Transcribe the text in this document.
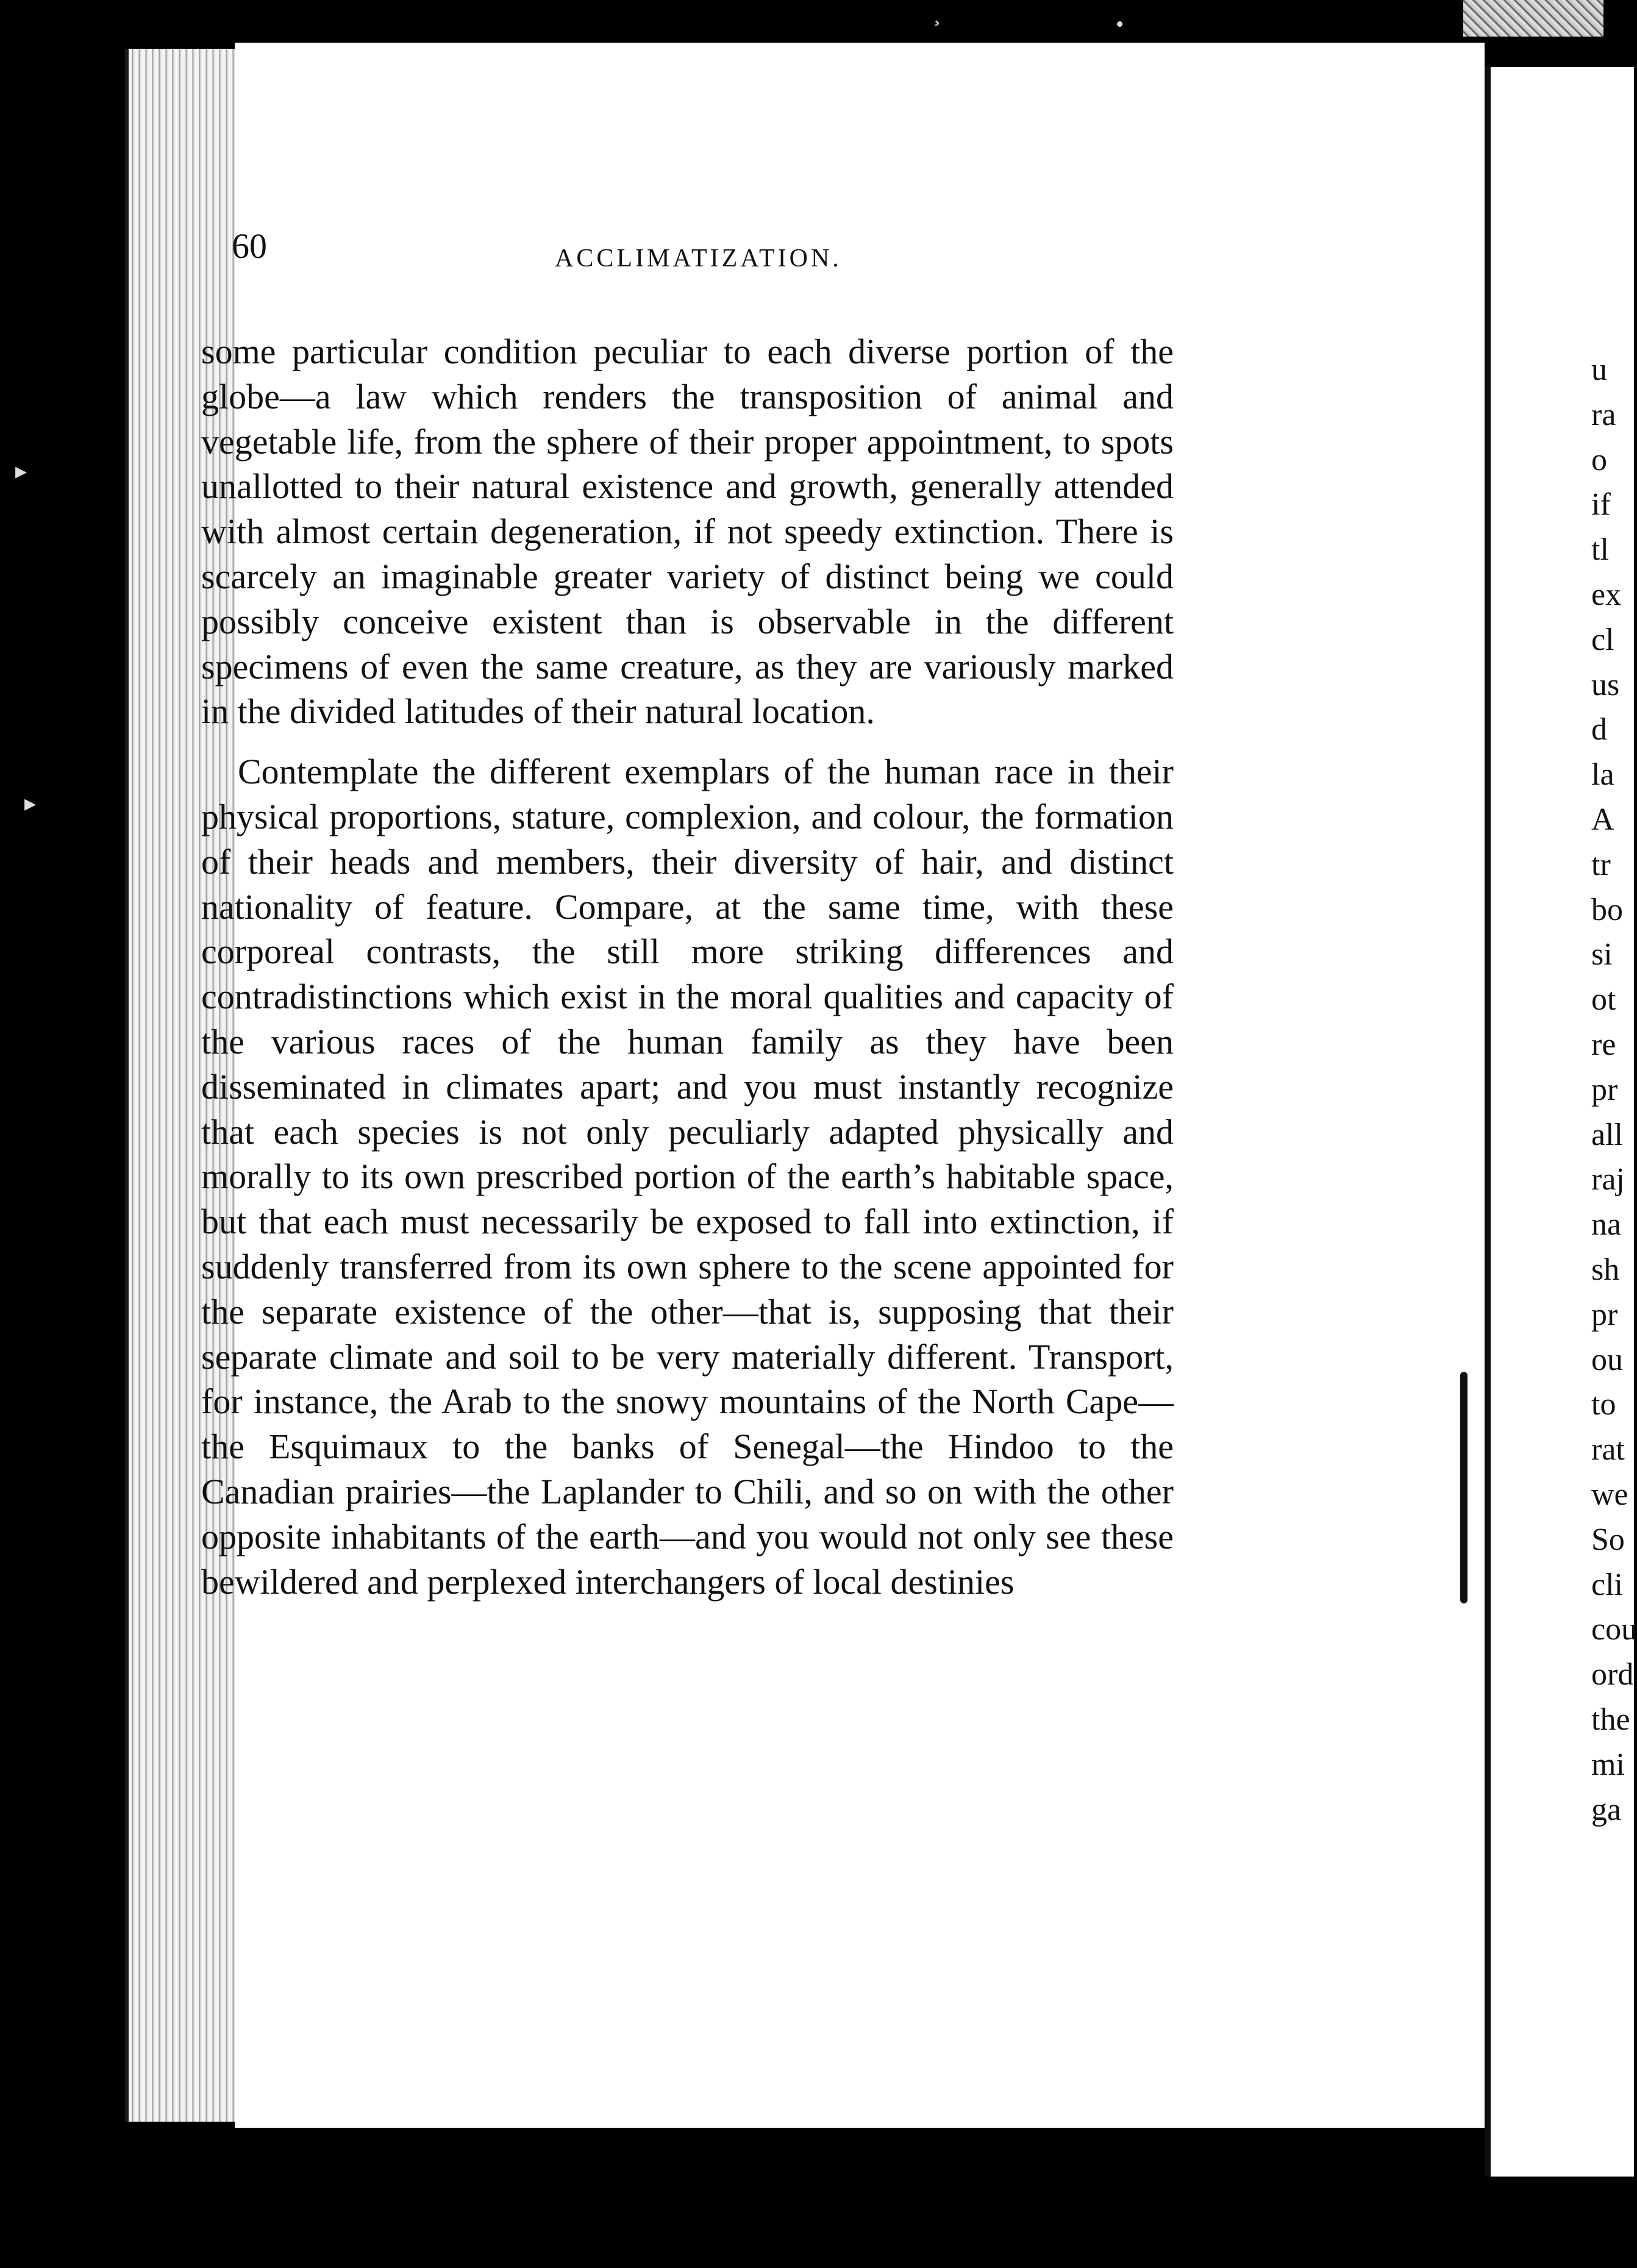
¸	•
▸
▸
60	ACCLIMATIZATION.

some particular condition peculiar to each diverse portion of the globe—a law which renders the transposition of animal and vegetable life, from the sphere of their proper appointment, to spots unallotted to their natural existence and growth, generally attended with almost certain degeneration, if not speedy extinction. There is scarcely an imaginable greater variety of distinct being we could possibly conceive existent than is observable in the different specimens of even the same creature, as they are variously marked in the divided latitudes of their natural location.

Contemplate the different exemplars of the human race in their physical proportions, stature, complexion, and colour, the formation of their heads and members, their diversity of hair, and distinct nationality of feature. Compare, at the same time, with these corporeal contrasts, the still more striking differences and contradistinctions which exist in the moral qualities and capacity of the various races of the human family as they have been disseminated in climates apart; and you must instantly recognize that each species is not only peculiarly adapted physically and morally to its own prescribed portion of the earth’s habitable space, but that each must necessarily be exposed to fall into extinction, if suddenly transferred from its own sphere to the scene appointed for the separate existence of the other—that is, supposing that their separate climate and soil to be very materially different. Transport, for instance, the Arab to the snowy mountains of the North Cape—the Esquimaux to the banks of Senegal—the Hindoo to the Canadian prairies—the Laplander to Chili, and so on with the other opposite inhabitants of the earth—and you would not only see these bewildered and perplexed interchangers of local destinies

u
ra
o
if
tl
ex
cl
us
d
la
A
tr
bo
si
ot
re
pr
all
raj
na
sh
pr
ou
to
rat
we
So
cli
cou
ord
the
mi
ga
